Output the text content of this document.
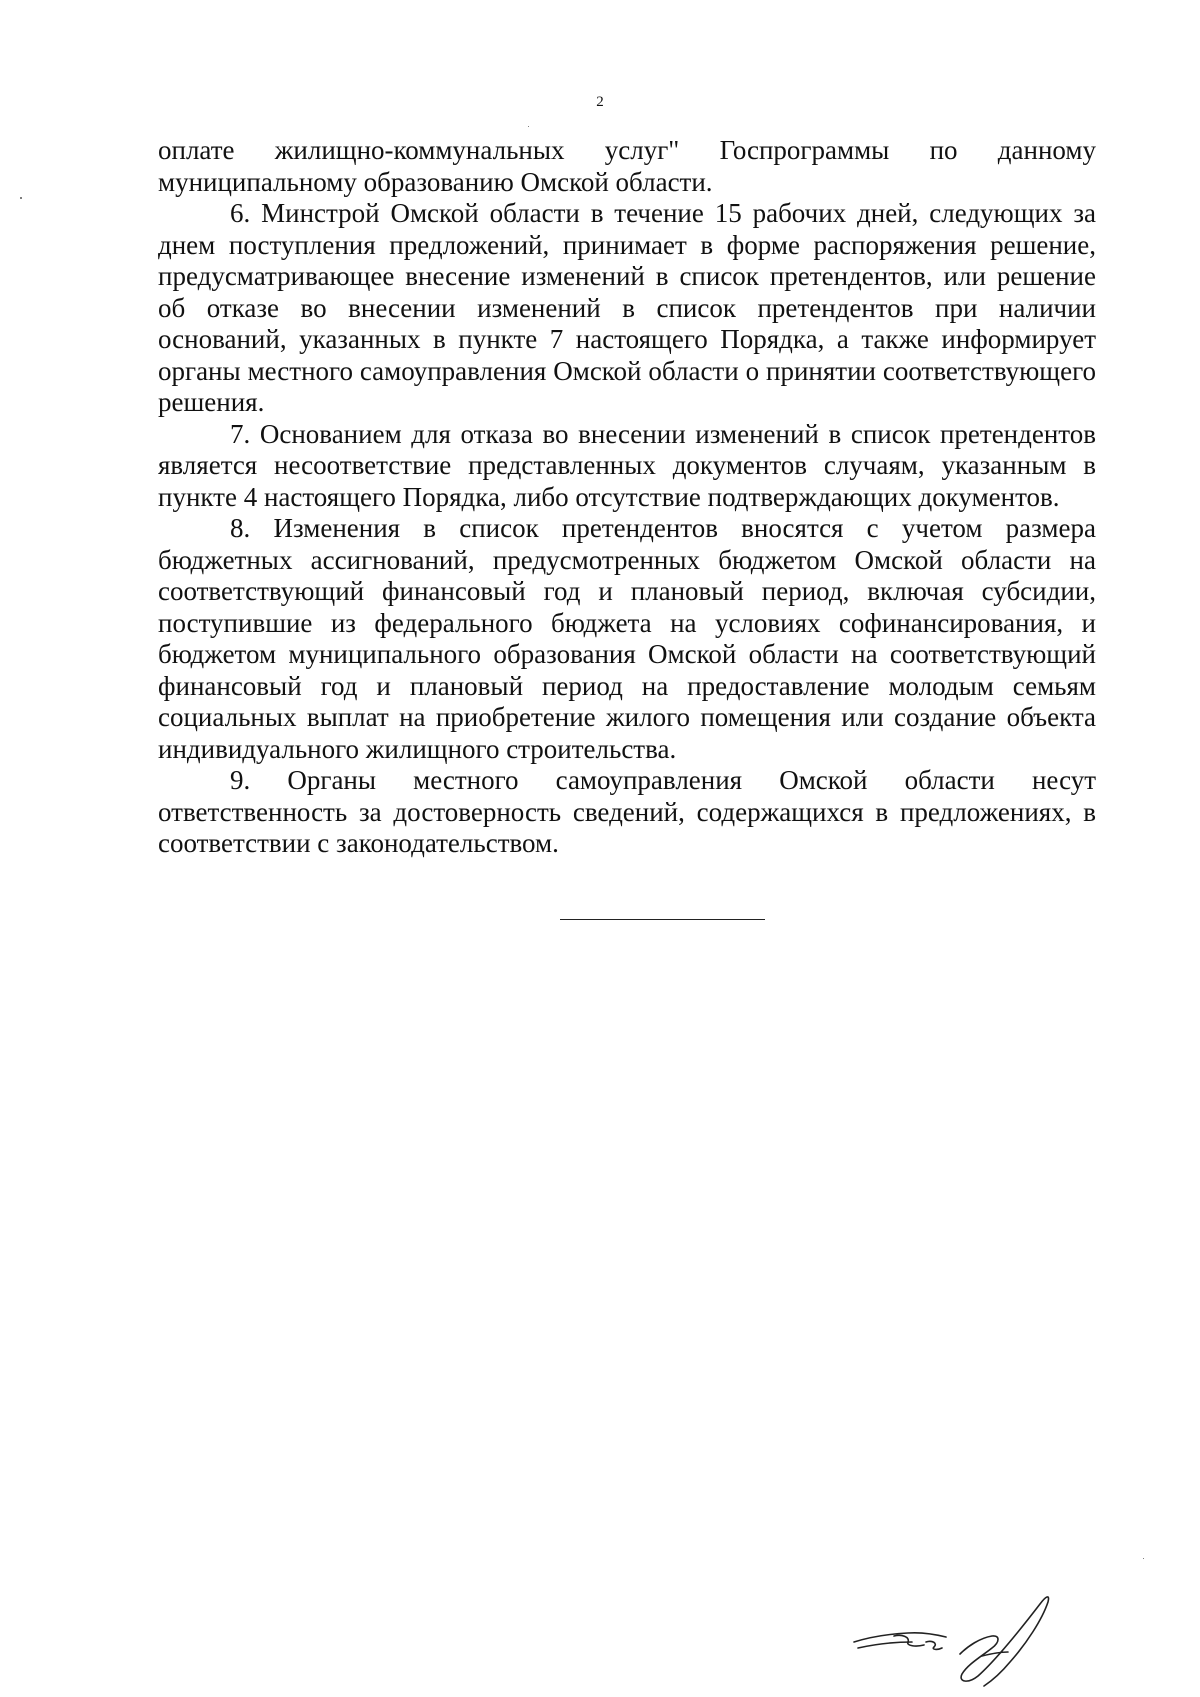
2

оплате жилищно-коммунальных услуг" Госпрограммы по данному муниципальному образованию Омской области.

6. Минстрой Омской области в течение 15 рабочих дней, следующих за днем поступления предложений, принимает в форме распоряжения решение, предусматривающее внесение изменений в список претендентов, или решение об отказе во внесении изменений в список претендентов при наличии оснований, указанных в пункте 7 настоящего Порядка, а также информирует органы местного самоуправления Омской области о принятии соответствующего решения.

7. Основанием для отказа во внесении изменений в список претендентов является несоответствие представленных документов случаям, указанным в пункте 4 настоящего Порядка, либо отсутствие подтверждающих документов.

8. Изменения в список претендентов вносятся с учетом размера бюджетных ассигнований, предусмотренных бюджетом Омской области на соответствующий финансовый год и плановый период, включая субсидии, поступившие из федерального бюджета на условиях софинансирования, и бюджетом муниципального образования Омской области на соответствующий финансовый год и плановый период на предоставление молодым семьям социальных выплат на приобретение жилого помещения или создание объекта индивидуального жилищного строительства.

9. Органы местного самоуправления Омской области несут ответственность за достоверность сведений, содержащихся в предложениях, в соответствии с законодательством.
